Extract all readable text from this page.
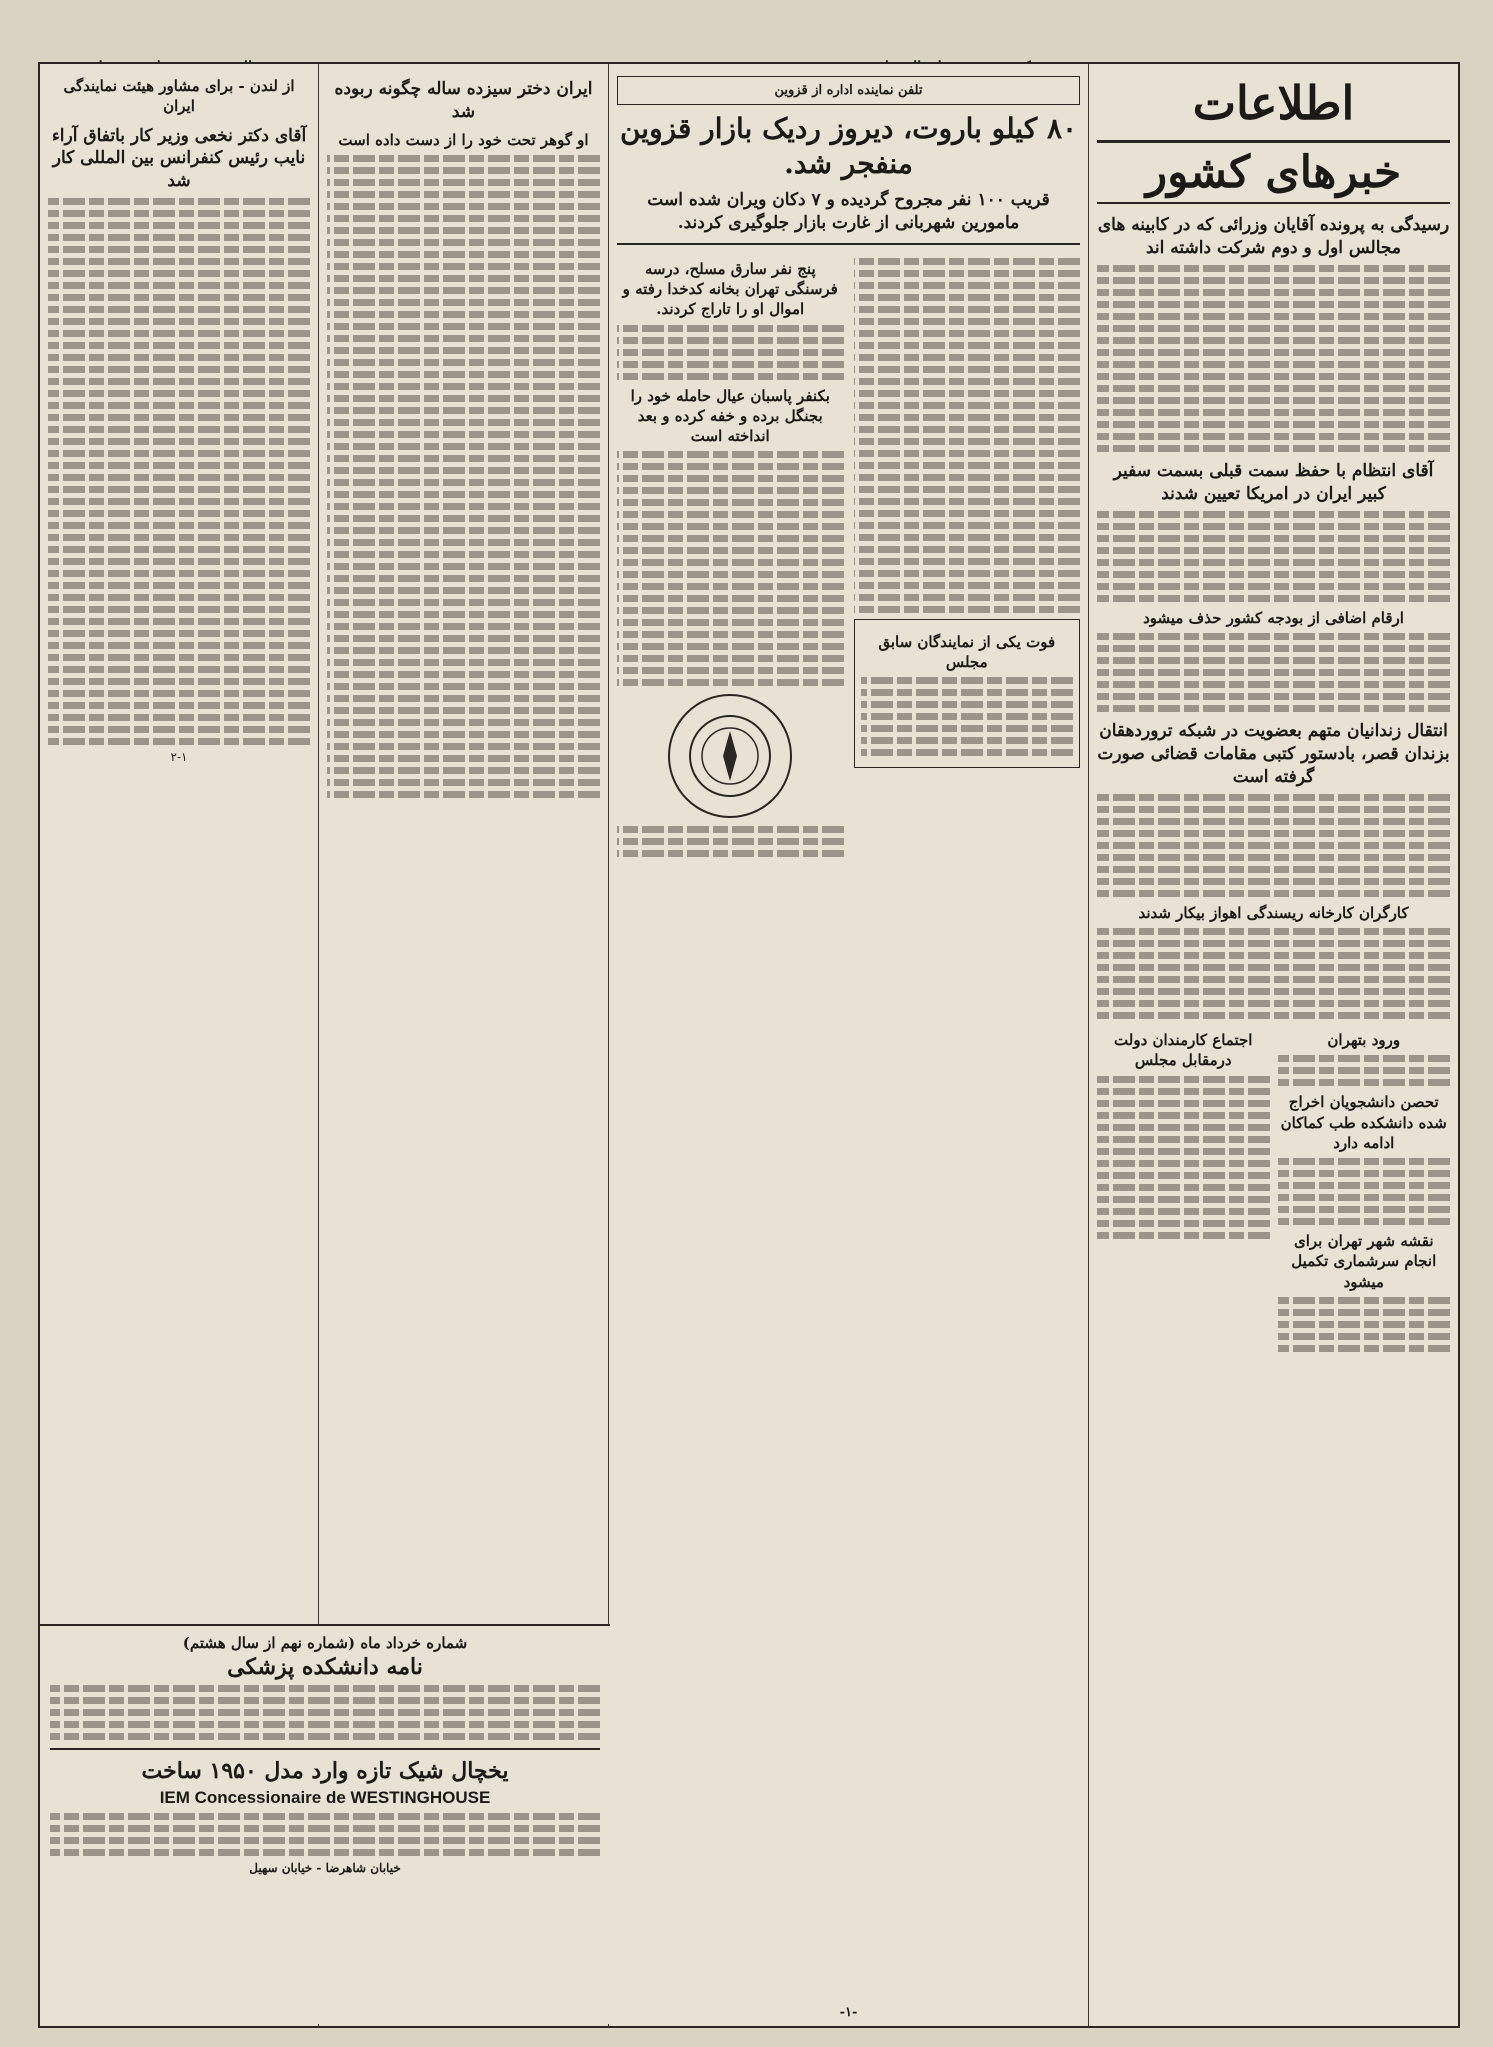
اطلاعات
خبرهای کشور
رسیدگی به پرونده آقایان وزرائی که در کابینه های مجالس اول و دوم شرکت داشته اند
آقای انتظام با حفظ سمت قبلی بسمت سفیر کبیر ایران در امریکا تعیین شدند
ارقام اضافی از بودجه کشور حذف میشود
انتقال زندانیان متهم بعضویت در شبکه تروردهقان بزندان قصر، بادستور کتبی مقامات قضائی صورت گرفته است
کارگران کارخانه ریسندگی اهواز بیکار شدند
ورود بتهران
تحصن دانشجویان اخراج شده دانشکده طب کماکان ادامه دارد
نقشه شهر تهران برای انجام سرشماری تکمیل میشود
اجتماع کارمندان دولت درمقابل مجلس
تلفن نماینده اداره از قزوین
۸۰ کیلو باروت، دیروز ردیک بازار قزوین منفجر شد.
قریب ۱۰۰ نفر مجروح گردیده و ۷ دکان ویران شده است مامورین شهربانی از غارت بازار جلوگیری کردند.
فوت یکی از نمایندگان سابق مجلس
پنج نفر سارق مسلح، درسه فرسنگی تهران بخانه کدخدا رفته و اموال او را تاراج کردند.
بکنفر پاسبان عیال حامله خود را بجنگل برده و خفه کرده و بعد انداخته است
-۱-
ایران دختر سیزده ساله چگونه ربوده شد
او گوهر تحت خود را از دست داده است
از لندن - برای مشاور هیئت نمایندگی ایران
آقای دکتر نخعی وزیر کار باتفاق آراء نایب رئیس کنفرانس بین المللی کار شد
۲-۱
شماره خرداد ماه (شماره نهم از سال هشتم)
نامه دانشکده پزشکی
یخچال شیک تازه وارد مدل ۱۹۵۰ ساخت
IEM Concessionaire de WESTINGHOUSE
خیابان شاهرضا - خیابان سهیل
